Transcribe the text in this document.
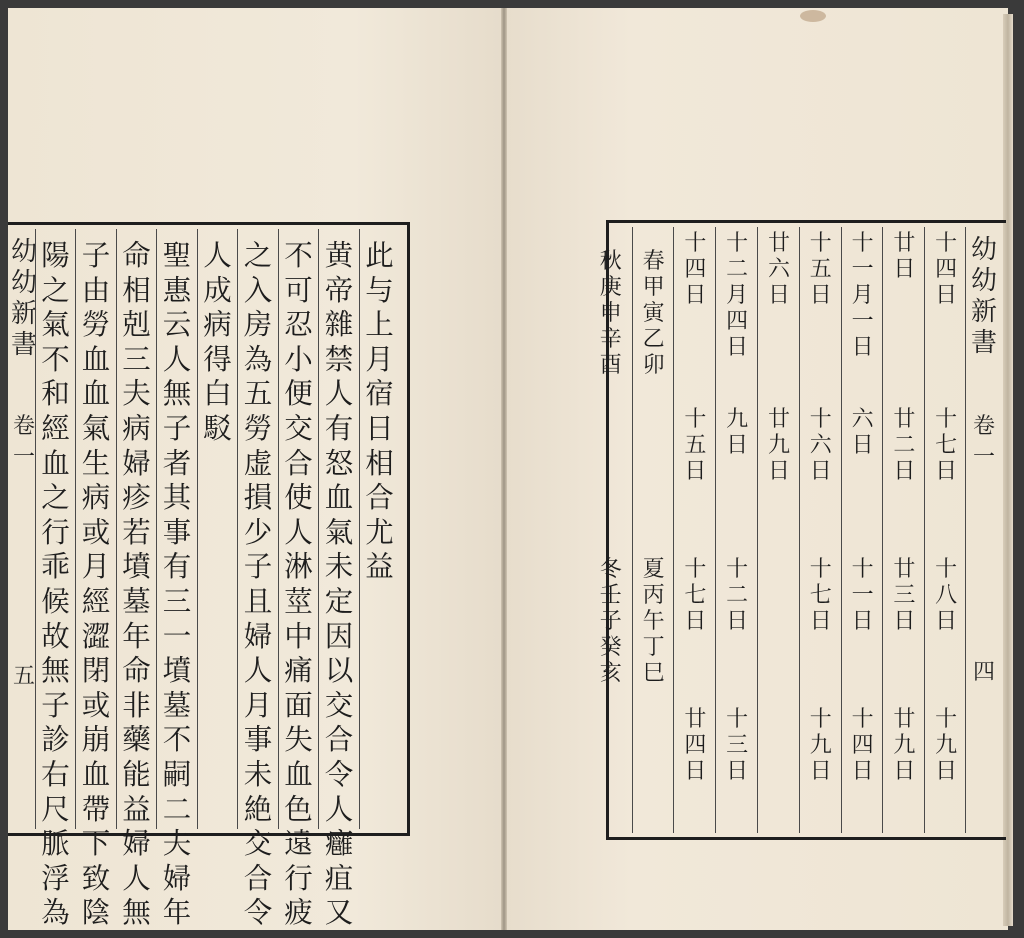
幼幼新書
卷一
五
此与上月宿日相合尤益
黄帝雜禁人有怒血氣未定因以交合令人癰疽又
不可忍小便交合使人淋莖中痛面失血色遠行疲
之入房為五勞虚損少子且婦人月事未絶交合令
人成病得白駁
聖惠云人無子者其事有三一墳墓不嗣二夫婦年
命相剋三夫病婦疹若墳墓年命非藥能益婦人無
子由勞血血氣生病或月經澀閉或崩血帶下致陰
陽之氣不和經血之行乖候故無子診右尺脈浮為
十四日
十七日
十八日
十九日
廿日
廿二日
廿三日
廿九日
十一月一日
六日
十一日
十四日
十五日
十六日
十七日
十九日
廿六日
廿九日
十二月四日
九日
十二日
十三日
十四日
十五日
十七日
廿四日
春甲寅乙卯
夏丙午丁巳
秋庚申辛酉
冬壬子癸亥
幼幼新書
卷一
四
